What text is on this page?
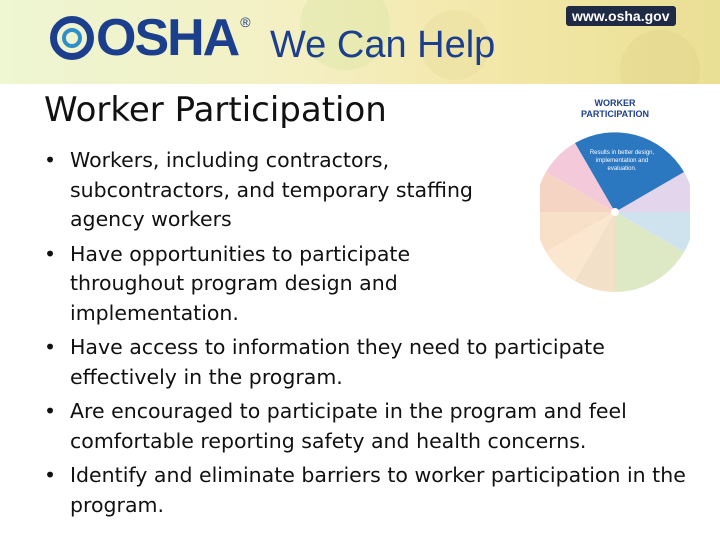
OSHA ®
We Can Help
www.osha.gov
Worker Participation	WORKER
PARTICIPATION
Results in better design,
implementation and
evaluation.
• Workers, including contractors, subcontractors, and temporary staffing agency workers
• Have opportunities to participate throughout program design and implementation.
• Have access to information they need to participate effectively in the program.
• Are encouraged to participate in the program and feel comfortable reporting safety and health concerns.
• Identify and eliminate barriers to worker participation in the program.
